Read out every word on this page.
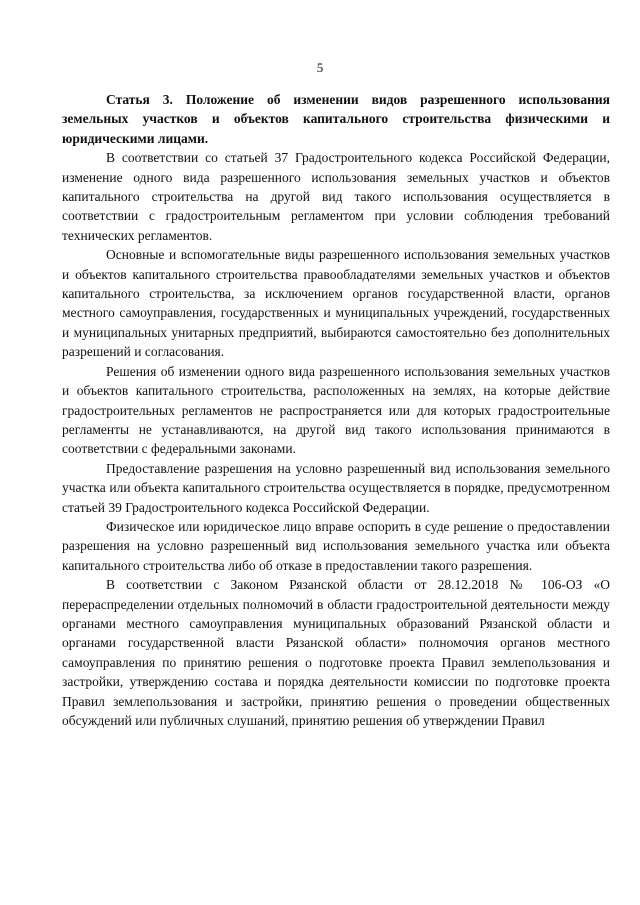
5

Статья 3. Положение об изменении видов разрешенного использования земельных участков и объектов капитального строительства физическими и юридическими лицами.

В соответствии со статьей 37 Градостроительного кодекса Российской Федерации, изменение одного вида разрешенного использования земельных участков и объектов капитального строительства на другой вид такого использования осуществляется в соответствии с градостроительным регламентом при условии соблюдения требований технических регламентов.

Основные и вспомогательные виды разрешенного использования земельных участков и объектов капитального строительства правообладателями земельных участков и объектов капитального строительства, за исключением органов государственной власти, органов местного самоуправления, государственных и муниципальных учреждений, государственных и муниципальных унитарных предприятий, выбираются самостоятельно без дополнительных разрешений и согласования.

Решения об изменении одного вида разрешенного использования земельных участков и объектов капитального строительства, расположенных на землях, на которые действие градостроительных регламентов не распространяется или для которых градостроительные регламенты не устанавливаются, на другой вид такого использования принимаются в соответствии с федеральными законами.

Предоставление разрешения на условно разрешенный вид использования земельного участка или объекта капитального строительства осуществляется в порядке, предусмотренном статьей 39 Градостроительного кодекса Российской Федерации.

Физическое или юридическое лицо вправе оспорить в суде решение о предоставлении разрешения на условно разрешенный вид использования земельного участка или объекта капитального строительства либо об отказе в предоставлении такого разрешения.

В соответствии с Законом Рязанской области от 28.12.2018 № 106-ОЗ «О перераспределении отдельных полномочий в области градостроительной деятельности между органами местного самоуправления муниципальных образований Рязанской области и органами государственной власти Рязанской области» полномочия органов местного самоуправления по принятию решения о подготовке проекта Правил землепользования и застройки, утверждению состава и порядка деятельности комиссии по подготовке проекта Правил землепользования и застройки, принятию решения о проведении общественных обсуждений или публичных слушаний, принятию решения об утверждении Правил
